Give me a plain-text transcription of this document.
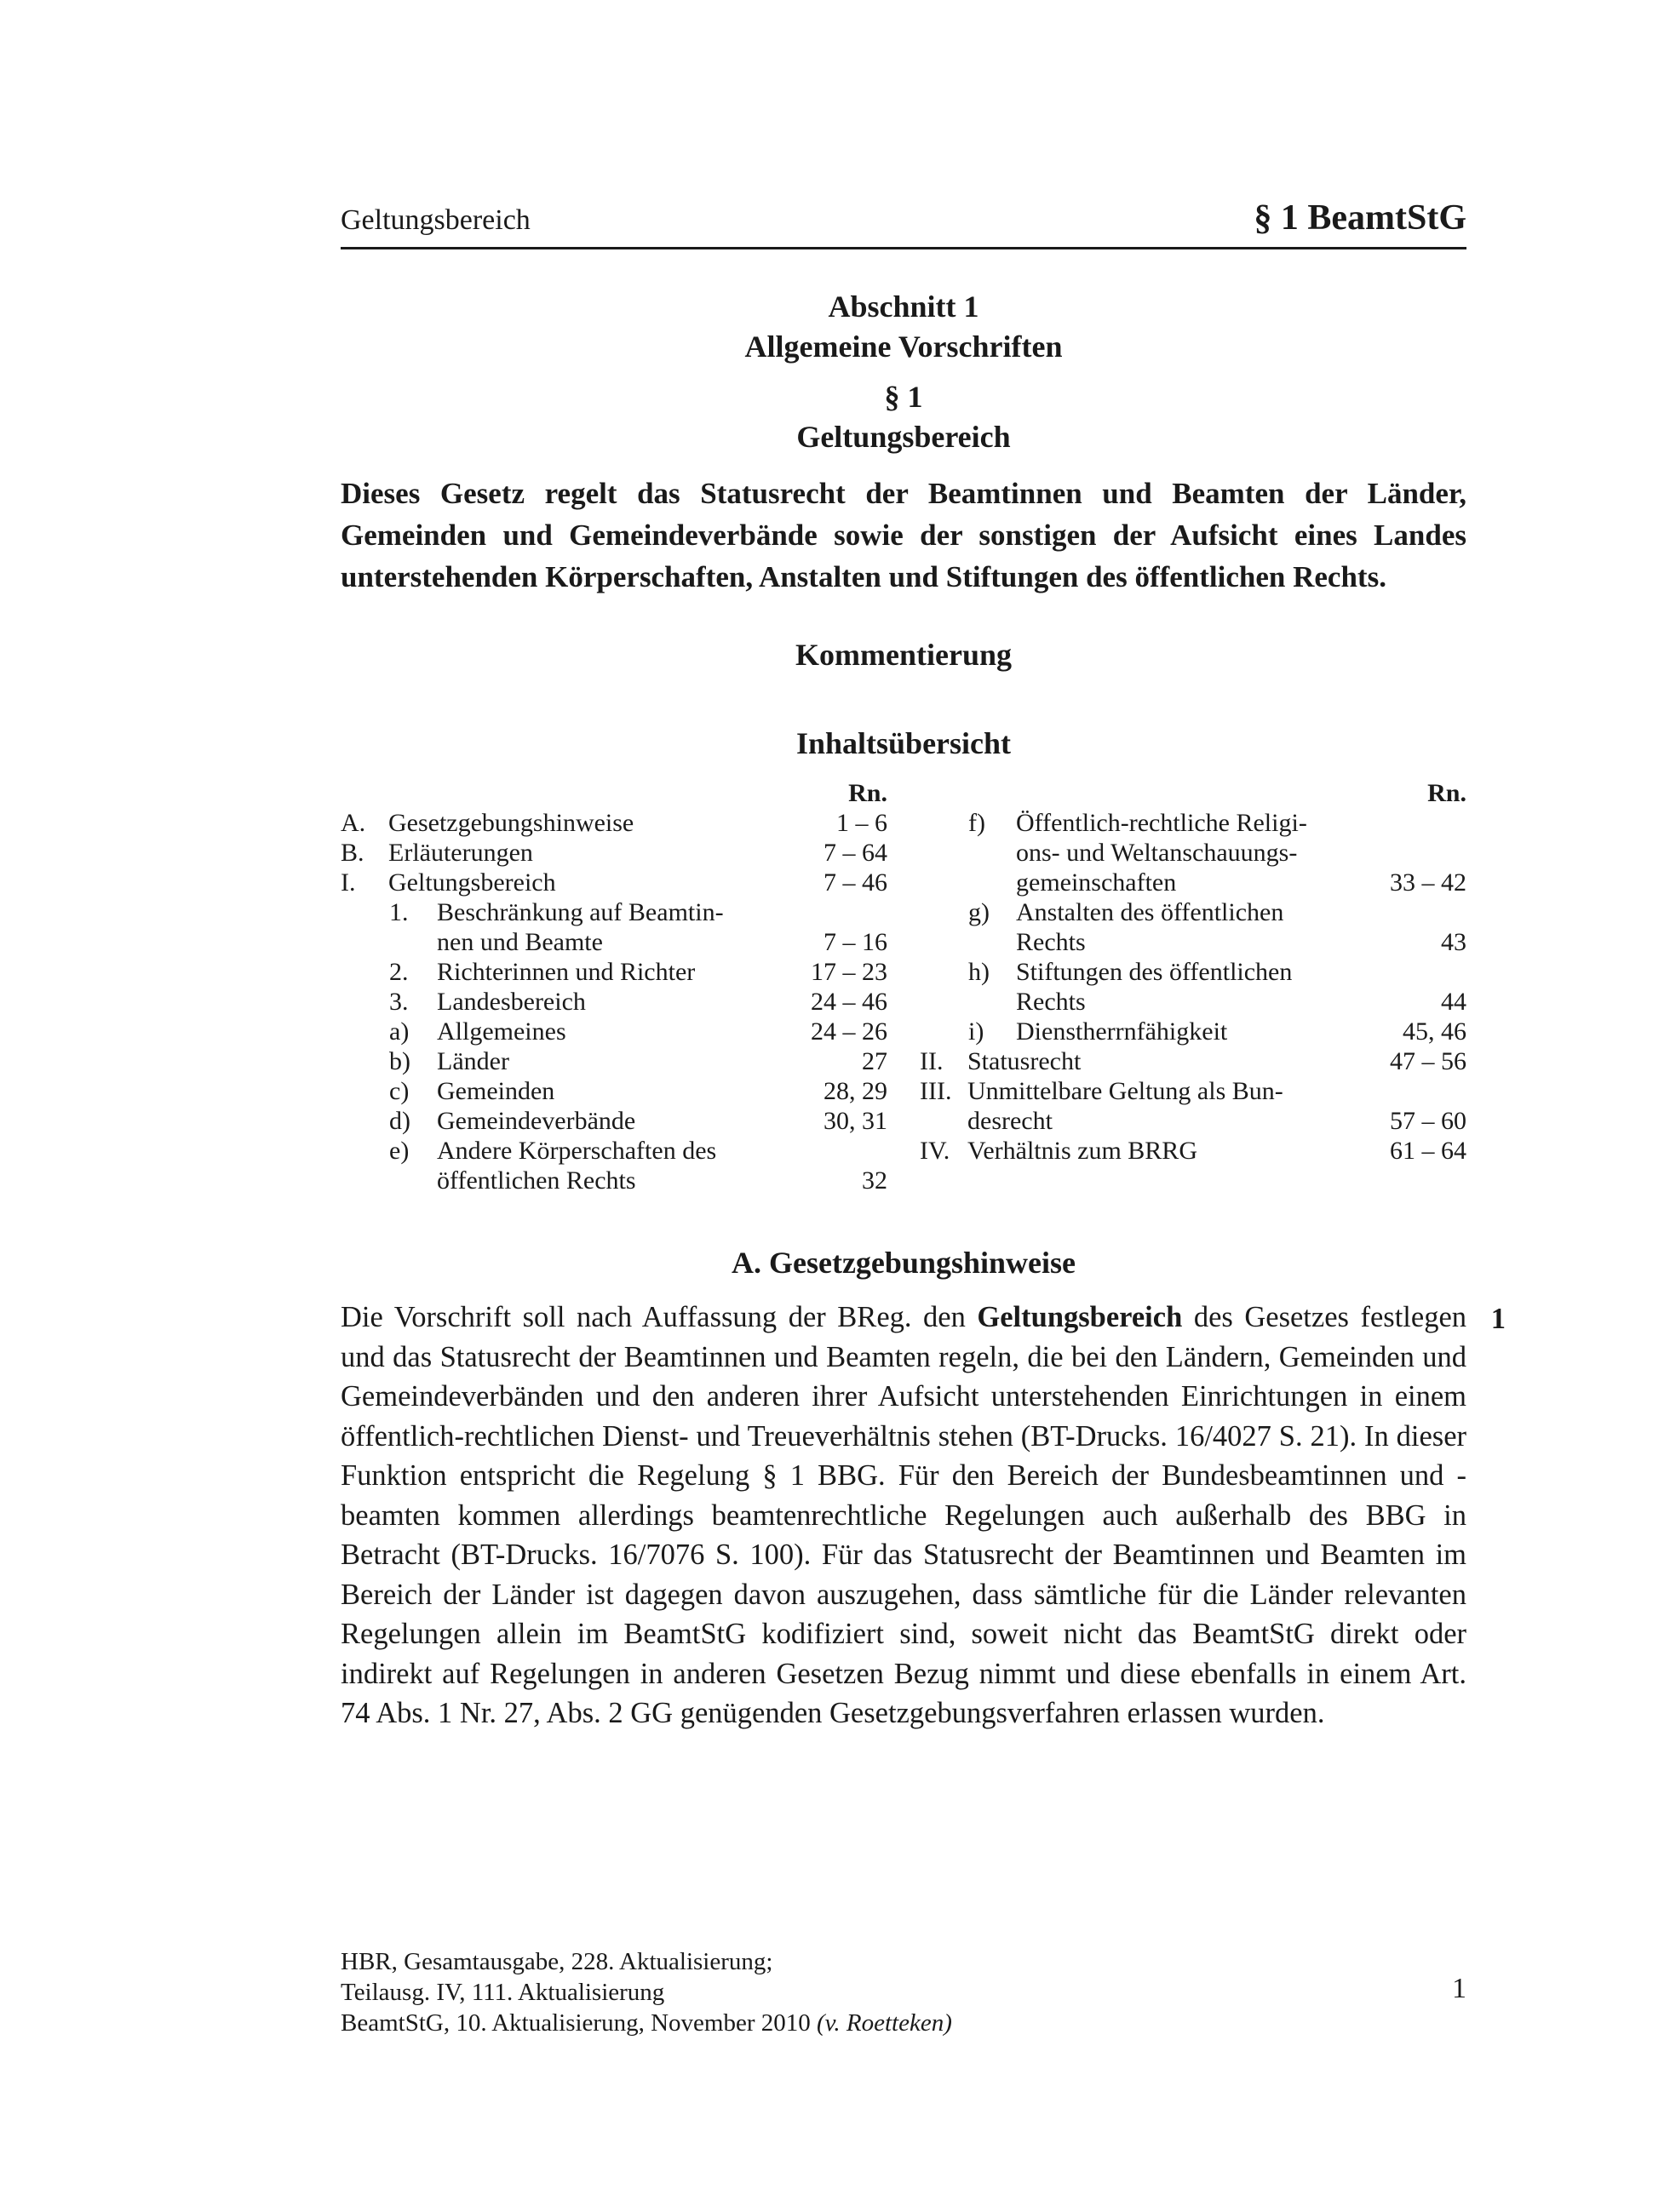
Geltungsbereich	§ 1 BeamtStG
Abschnitt 1
Allgemeine Vorschriften
§ 1
Geltungsbereich

Dieses Gesetz regelt das Statusrecht der Beamtinnen und Beamten der Länder, Gemeinden und Gemeindeverbände sowie der sonstigen der Aufsicht eines Landes unterstehenden Körperschaften, Anstalten und Stiftungen des öffentlichen Rechts.

Kommentierung
Inhaltsübersicht
Rn.
A. Gesetzgebungshinweise	1 – 6
B. Erläuterungen	7 – 64
I.	Geltungsbereich	7 – 46
1.	Beschränkung auf Beamtin-
nen und Beamte	7 – 16
2.	Richterinnen und Richter	17 – 23
3.	Landesbereich	24 – 46
a)	Allgemeines	24 – 26
b)	Länder	27
c)	Gemeinden	28, 29
d)	Gemeindeverbände	30, 31
e)	Andere Körperschaften des
öffentlichen Rechts	32
Rn.
f)	Öffentlich-rechtliche Religi-
ons- und Weltanschauungs-
gemeinschaften	33 – 42
g)	Anstalten des öffentlichen
Rechts	43
h)	Stiftungen des öffentlichen
Rechts	44
i)	Dienstherrnfähigkeit	45, 46
II. Statusrecht	47 – 56
III. Unmittelbare Geltung als Bun-
desrecht	57 – 60
IV. Verhältnis zum BRRG	61 – 64
A. Gesetzgebungshinweise

Die Vorschrift soll nach Auffassung der BReg. den Geltungsbereich des Gesetzes festlegen und das Statusrecht der Beamtinnen und Beamten regeln, die bei den Ländern, Gemeinden und Gemeindeverbänden und den anderen ihrer Aufsicht unterstehenden Einrichtungen in einem öffentlich-rechtlichen Dienst- und Treueverhältnis stehen (BT-Drucks. 16/4027 S. 21). In dieser Funktion entspricht die Regelung § 1 BBG. Für den Bereich der Bundesbeamtinnen und -beamten kommen allerdings beamtenrechtliche Regelungen auch außerhalb des BBG in Betracht (BT-Drucks. 16/7076 S. 100). Für das Statusrecht der Beamtinnen und Beamten im Bereich der Länder ist dagegen davon auszugehen, dass sämtliche für die Länder relevanten Regelungen allein im BeamtStG kodifiziert sind, soweit nicht das BeamtStG direkt oder indirekt auf Regelungen in anderen Gesetzen Bezug nimmt und diese ebenfalls in einem Art. 74 Abs. 1 Nr. 27, Abs. 2 GG genügenden Gesetzgebungsverfahren erlassen wurden.
1

HBR, Gesamtausgabe, 228. Aktualisierung;
Teilausg. IV, 111. Aktualisierung
BeamtStG, 10. Aktualisierung, November 2010 (v. Roetteken)
1
